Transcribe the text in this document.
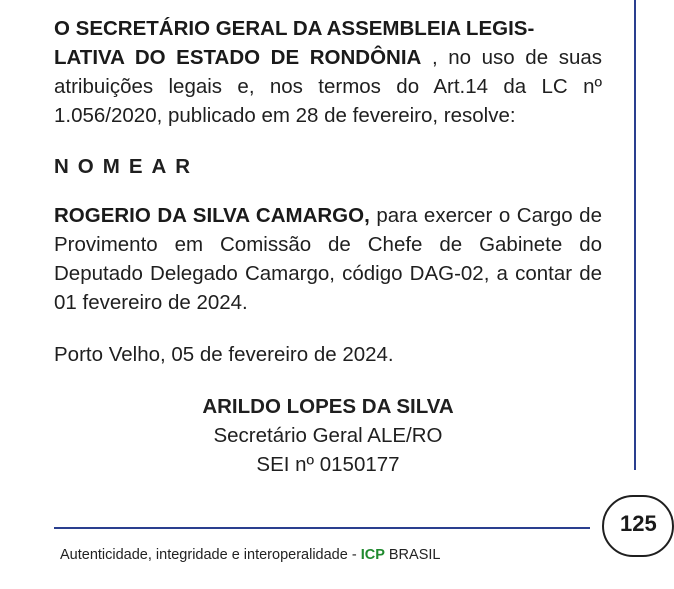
O SECRETÁRIO GERAL DA ASSEMBLEIA LEGIS-
LATIVA DO ESTADO DE RONDÔNIA , no uso de suas atribuições legais e, nos termos do Art.14 da LC nº 1.056/2020, publicado em 28 de fevereiro, resolve:

NOMEAR

ROGERIO DA SILVA CAMARGO, para exercer o Cargo de Provimento em Comissão de Chefe de Gabinete do Deputado Delegado Camargo, código DAG-02, a contar de 01 fevereiro de 2024.

Porto Velho, 05 de fevereiro de 2024.

ARILDO LOPES DA SILVA
Secretário Geral ALE/RO
SEI nº 0150177
125
Autenticidade, integridade e interoperalidade - ICP BRASIL
